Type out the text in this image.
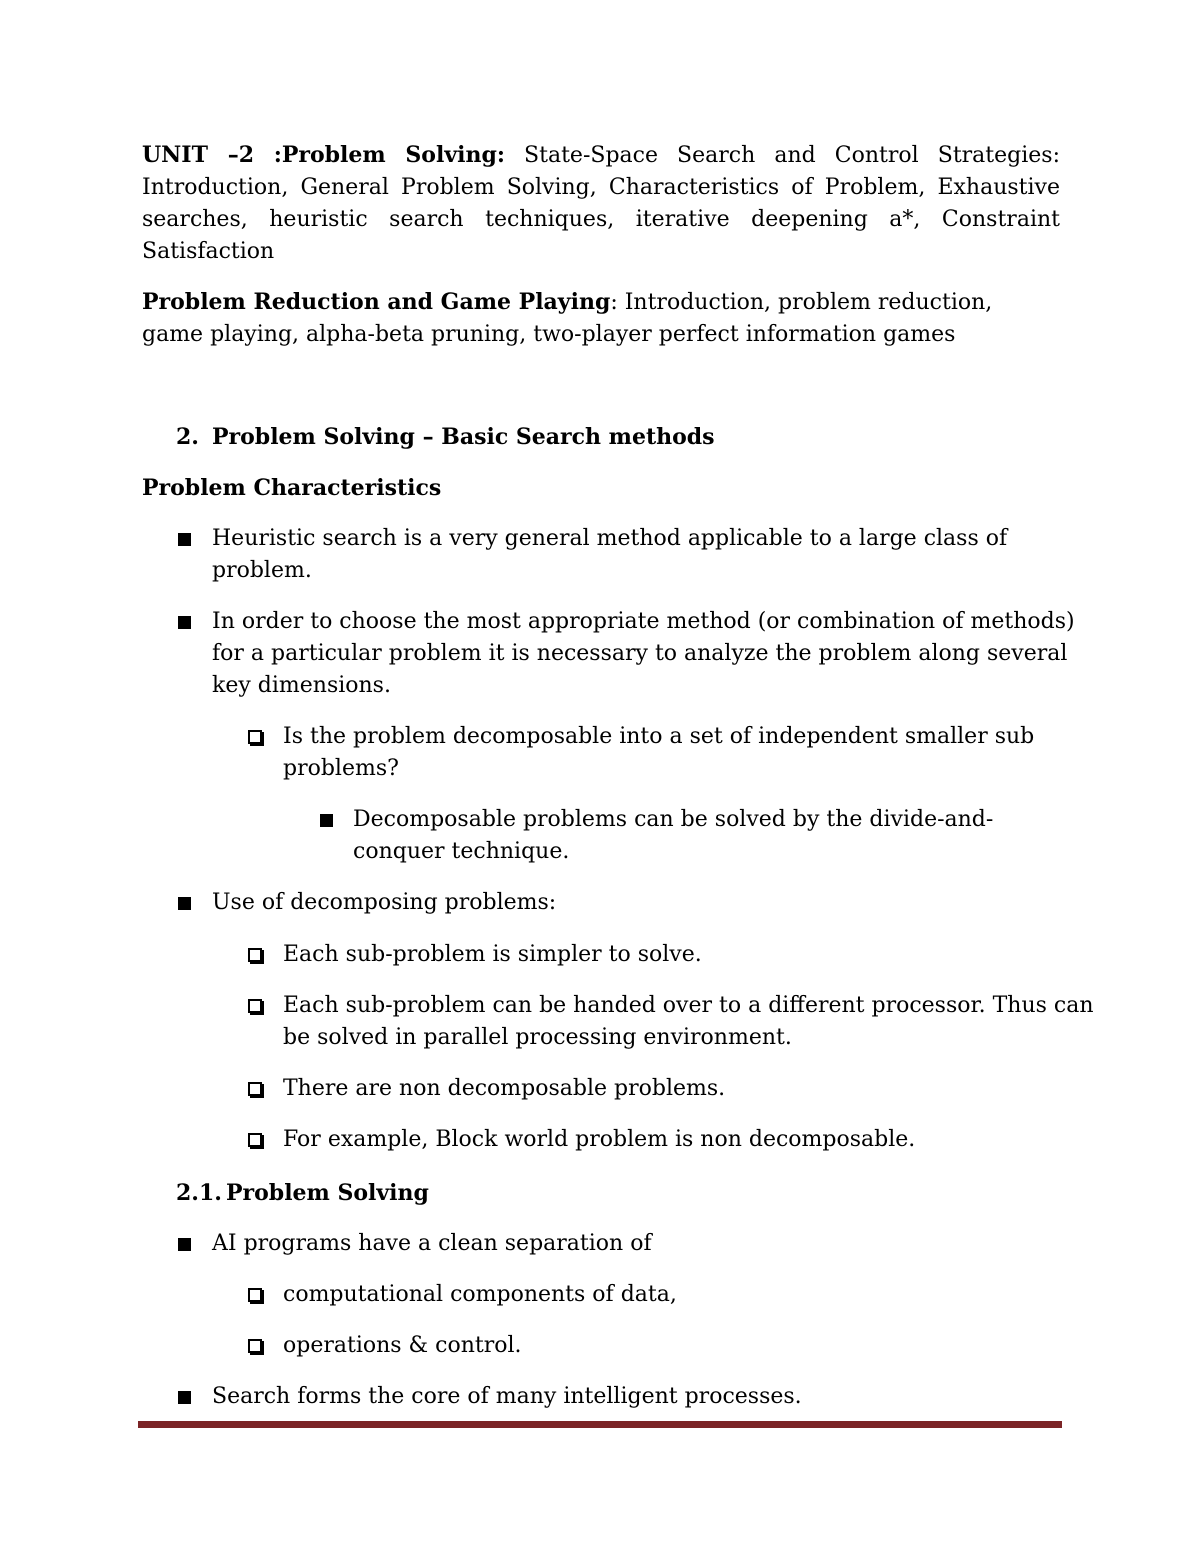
UNIT –2 :Problem Solving: State-Space Search and Control Strategies:
Introduction, General Problem Solving, Characteristics of Problem, Exhaustive
searches, heuristic search techniques, iterative deepening a*, Constraint
Satisfaction

Problem Reduction and Game Playing: Introduction, problem reduction, game playing, alpha-beta pruning, two-player perfect information games

2. Problem Solving – Basic Search methods

Problem Characteristics

Heuristic search is a very general method applicable to a large class of problem.

In order to choose the most appropriate method (or combination of methods) for a particular problem it is necessary to analyze the problem along several key dimensions.

Is the problem decomposable into a set of independent smaller sub problems?

Decomposable problems can be solved by the divide-and-conquer technique.

Use of decomposing problems:

Each sub-problem is simpler to solve.

Each sub-problem can be handed over to a different processor. Thus can be solved in parallel processing environment.

There are non decomposable problems.

For example, Block world problem is non decomposable.

2.1. Problem Solving

AI programs have a clean separation of

computational components of data,

operations & control.

Search forms the core of many intelligent processes.
